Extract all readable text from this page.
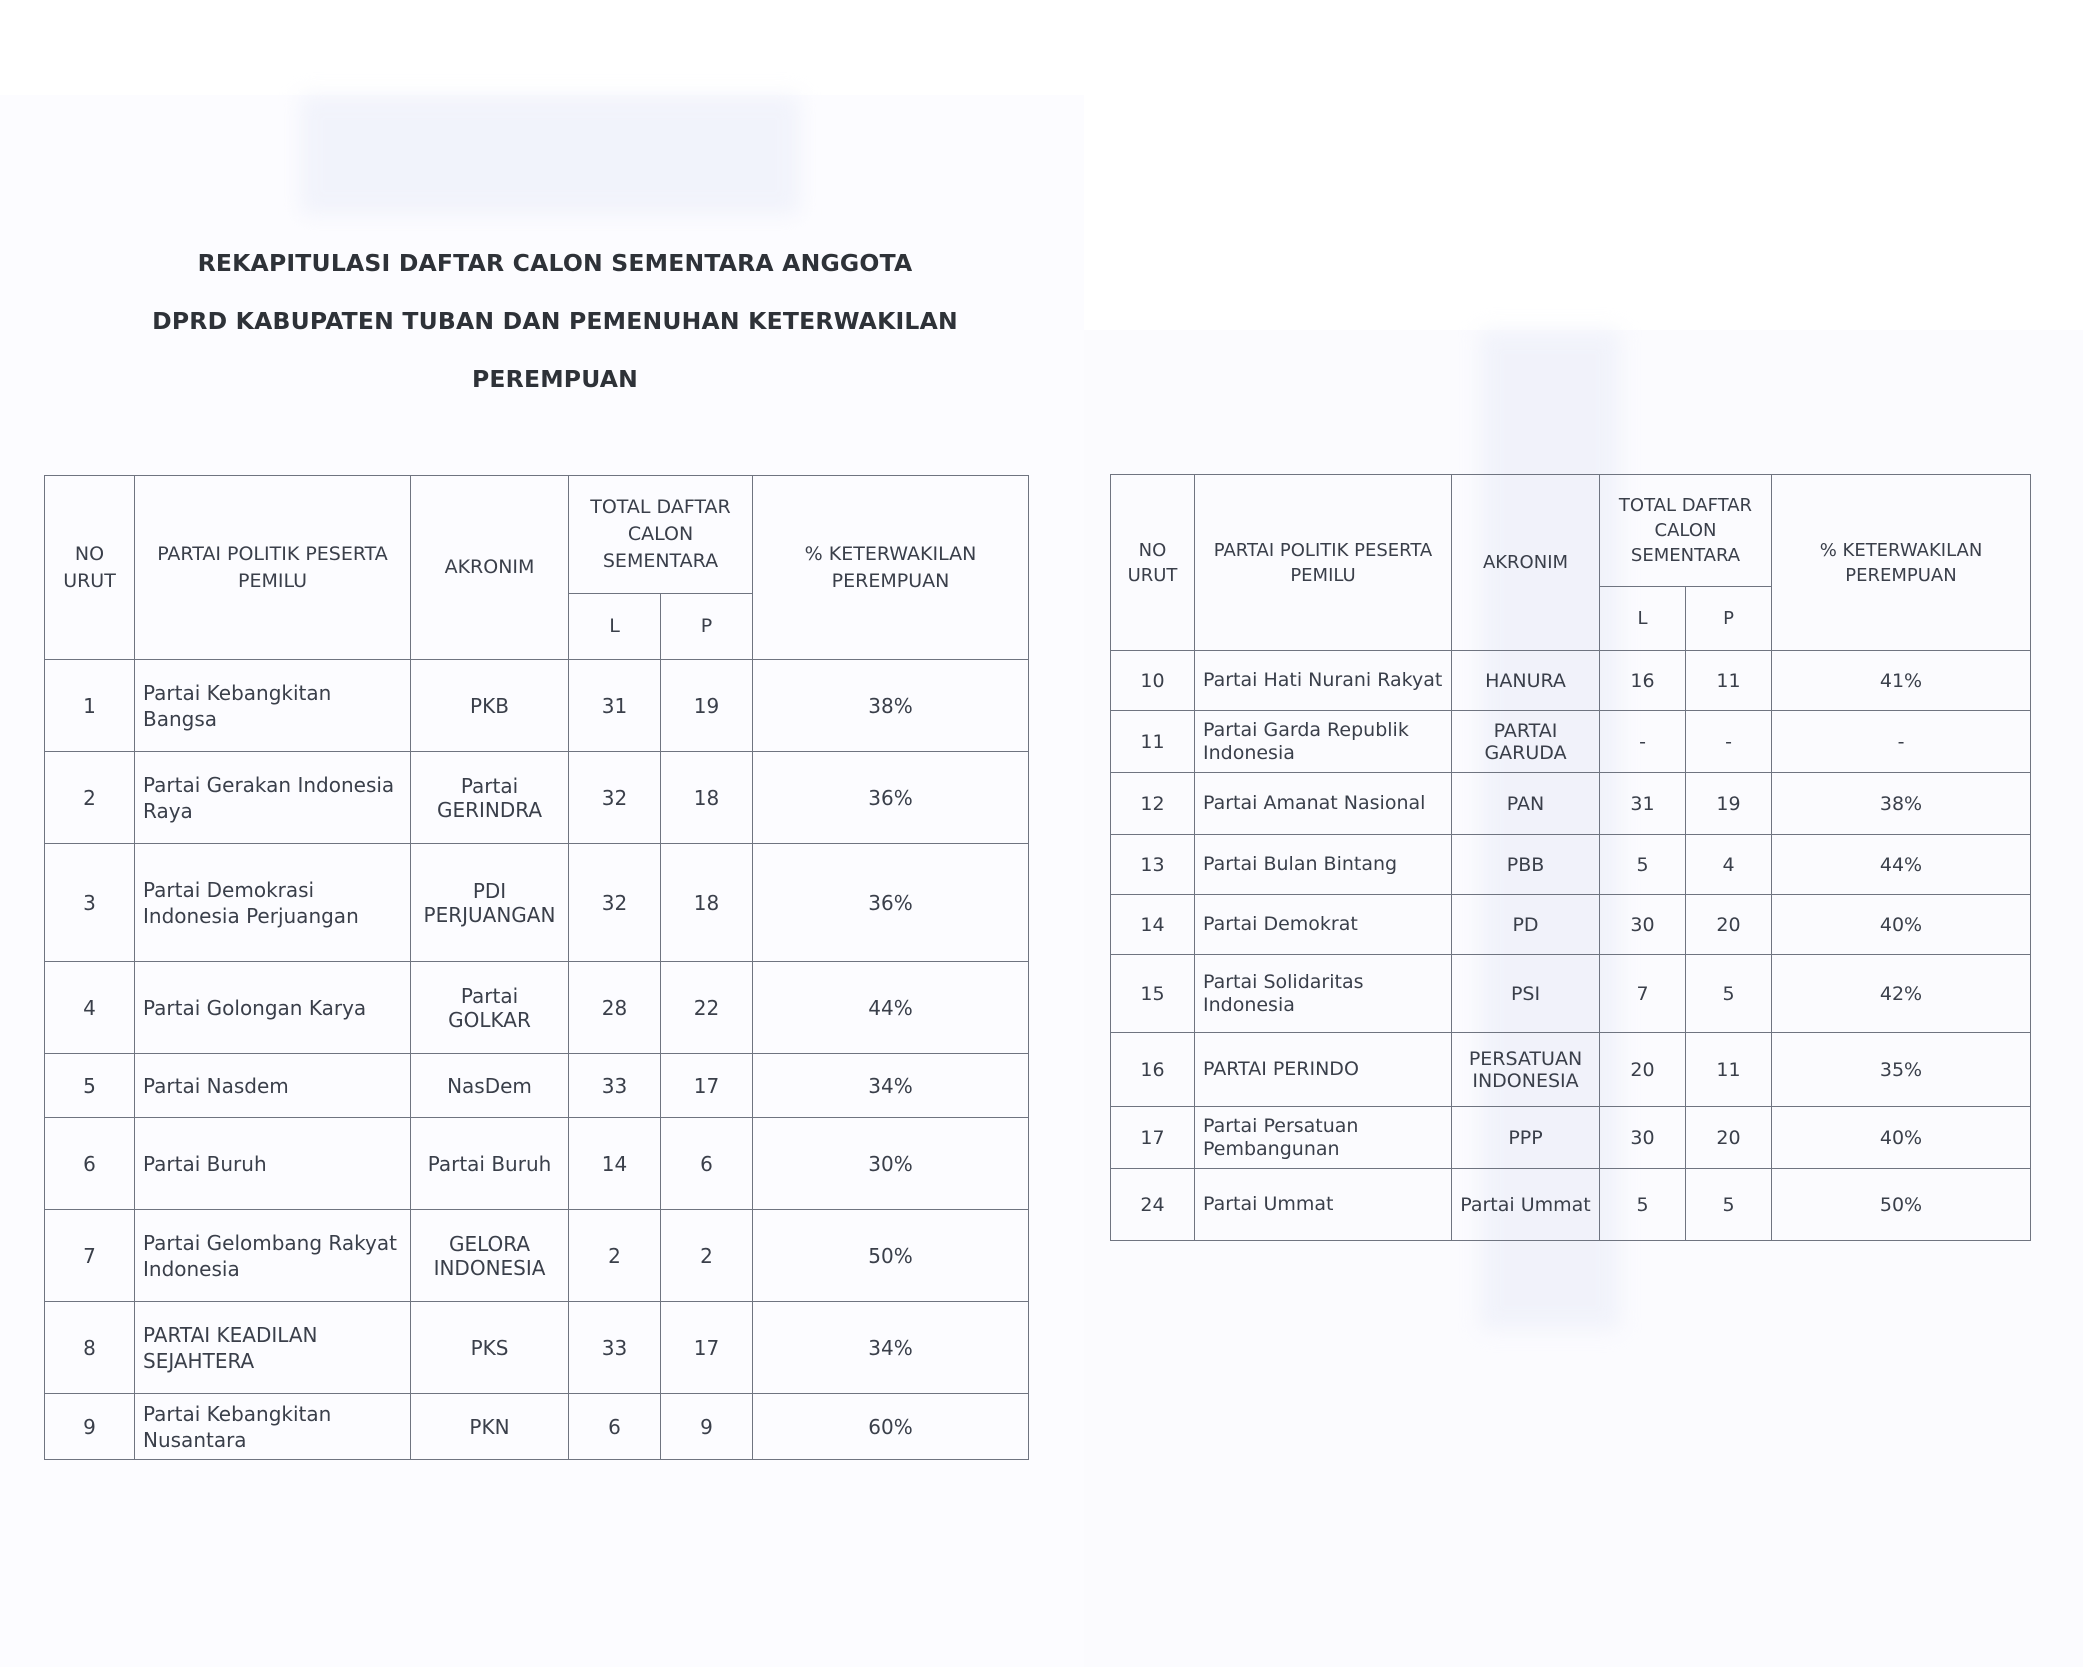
REKAPITULASI DAFTAR CALON SEMENTARA ANGGOTA
DPRD KABUPATEN TUBAN DAN PEMENUHAN KETERWAKILAN
PEREMPUAN
NO URUT	PARTAI POLITIK PESERTA PEMILU	AKRONIM	TOTAL DAFTAR CALON SEMENTARA		% KETERWAKILAN PEREMPUAN
			L	P	
1	Partai Kebangkitan Bangsa	PKB	31	19	38%
2	Partai Gerakan Indonesia Raya	Partai GERINDRA	32	18	36%
3	Partai Demokrasi Indonesia Perjuangan	PDI PERJUANGAN	32	18	36%
4	Partai Golongan Karya	Partai GOLKAR	28	22	44%
5	Partai Nasdem	NasDem	33	17	34%
6	Partai Buruh	Partai Buruh	14	6	30%
7	Partai Gelombang Rakyat Indonesia	GELORA INDONESIA	2	2	50%
8	PARTAI KEADILAN SEJAHTERA	PKS	33	17	34%
9	Partai Kebangkitan Nusantara	PKN	6	9	60%
NO URUT	PARTAI POLITIK PESERTA PEMILU	AKRONIM	TOTAL DAFTAR CALON SEMENTARA		% KETERWAKILAN PEREMPUAN
			L	P	
10	Partai Hati Nurani Rakyat	HANURA	16	11	41%
11	Partai Garda Republik Indonesia	PARTAI GARUDA	-	-	-
12	Partai Amanat Nasional	PAN	31	19	38%
13	Partai Bulan Bintang	PBB	5	4	44%
14	Partai Demokrat	PD	30	20	40%
15	Partai Solidaritas Indonesia	PSI	7	5	42%
16	PARTAI PERINDO	PERSATUAN INDONESIA	20	11	35%
17	Partai Persatuan Pembangunan	PPP	30	20	40%
24	Partai Ummat	Partai Ummat	5	5	50%
